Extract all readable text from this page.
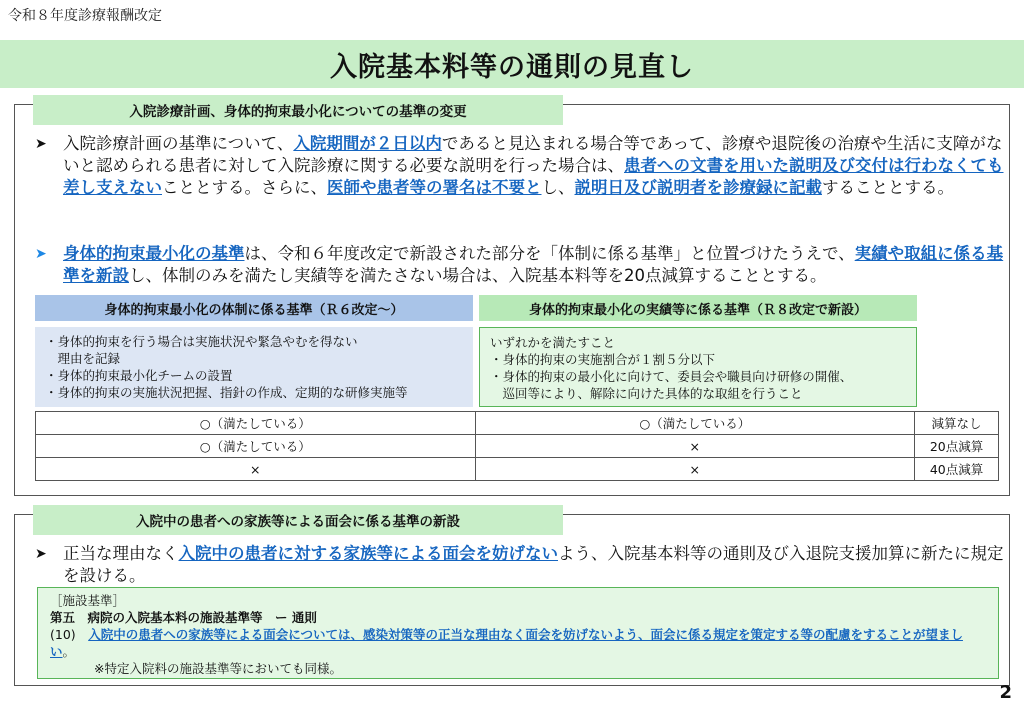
令和８年度診療報酬改定
入院基本料等の通則の見直し
入院診療計画、身体的拘束最小化についての基準の変更
➤ 入院診療計画の基準について、入院期間が２日以内であると見込まれる場合等であって、診療や退院後の治療や生活に支障がないと認められる患者に対して入院診療に関する必要な説明を行った場合は、患者への文書を用いた説明及び交付は行わなくても差し支えないこととする。さらに、医師や患者等の署名は不要とし、説明日及び説明者を診療録に記載することとする。
➤ 身体的拘束最小化の基準は、令和６年度改定で新設された部分を「体制に係る基準」と位置づけたうえで、実績や取組に係る基準を新設し、体制のみを満たし実績等を満たさない場合は、入院基本料等を20点減算することとする。
身体的拘束最小化の体制に係る基準（Ｒ６改定～）	身体的拘束最小化の実績等に係る基準（Ｒ８改定で新設）
・身体的拘束を行う場合は実施状況や緊急やむを得ない
　理由を記録
・身体的拘束最小化チームの設置
・身体的拘束の実施状況把握、指針の作成、定期的な研修実施等
いずれかを満たすこと
・身体的拘束の実施割合が１割５分以下
・身体的拘束の最小化に向けて、委員会や職員向け研修の開催、
　巡回等により、解除に向けた具体的な取組を行うこと
○（満たしている）	○（満たしている）	減算なし
○（満たしている）	×	20点減算
×	×	40点減算
入院中の患者への家族等による面会に係る基準の新設
➤ 正当な理由なく入院中の患者に対する家族等による面会を妨げないよう、入院基本料等の通則及び入退院支援加算に新たに規定を設ける。
［施設基準］
第五　病院の入院基本料の施設基準等　ー 通則
(10)　 入院中の患者への家族等による面会については、感染対策等の正当な理由なく面会を妨げないよう、面会に係る規定を策定する等の配慮をすることが望ましい。
※特定入院料の施設基準等においても同様。
2
